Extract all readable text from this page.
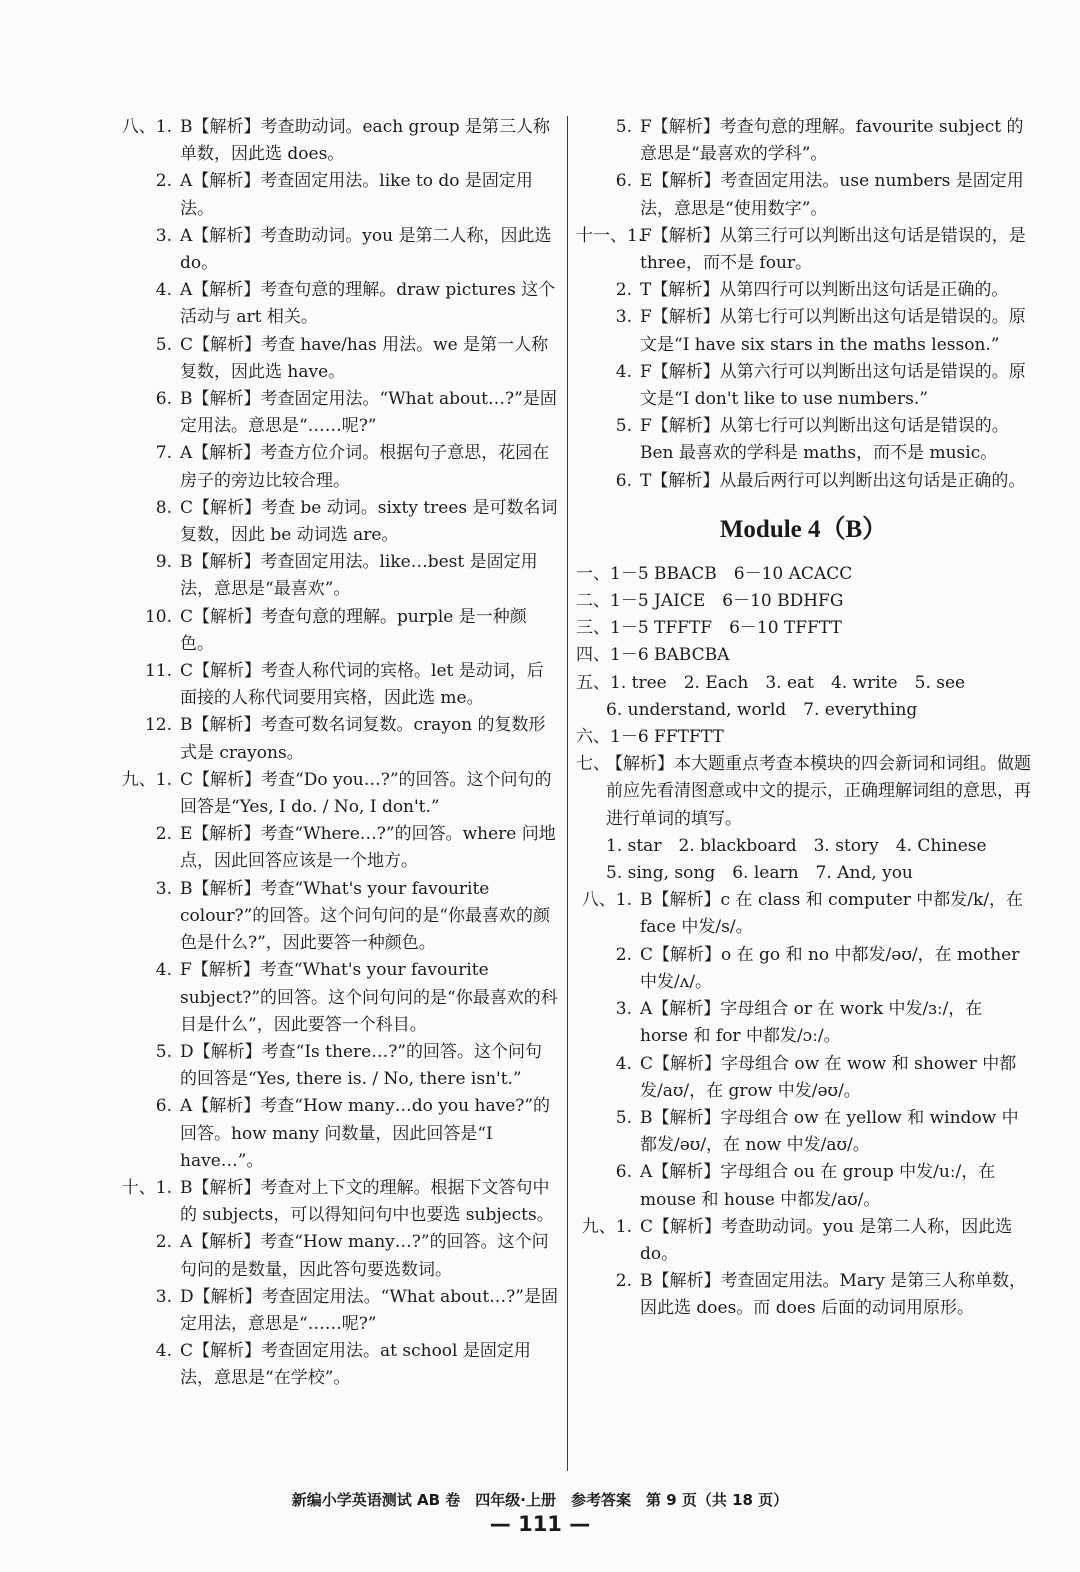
八、1. B【解析】考查助动词。each group 是第三人称单数，因此选 does。
2. A【解析】考查固定用法。like to do 是固定用法。
3. A【解析】考查助动词。you 是第二人称，因此选 do。
4. A【解析】考查句意的理解。draw pictures 这个活动与 art 相关。
5. C【解析】考查 have/has 用法。we 是第一人称复数，因此选 have。
6. B【解析】考查固定用法。“What about…?”是固定用法。意思是“……呢?”
7. A【解析】考查方位介词。根据句子意思，花园在房子的旁边比较合理。
8. C【解析】考查 be 动词。sixty trees 是可数名词复数，因此 be 动词选 are。
9. B【解析】考查固定用法。like…best 是固定用法，意思是“最喜欢”。
10. C【解析】考查句意的理解。purple 是一种颜色。
11. C【解析】考查人称代词的宾格。let 是动词，后面接的人称代词要用宾格，因此选 me。
12. B【解析】考查可数名词复数。crayon 的复数形式是 crayons。
九、1. C【解析】考查“Do you…?”的回答。这个问句的回答是“Yes, I do. / No, I don't.”
2. E【解析】考查“Where…?”的回答。where 问地点，因此回答应该是一个地方。
3. B【解析】考查“What's your favourite colour?”的回答。这个问句问的是“你最喜欢的颜色是什么?”，因此要答一种颜色。
4. F【解析】考查“What's your favourite subject?”的回答。这个问句问的是“你最喜欢的科目是什么”，因此要答一个科目。
5. D【解析】考查“Is there…?”的回答。这个问句的回答是“Yes, there is. / No, there isn't.”
6. A【解析】考查“How many…do you have?”的回答。how many 问数量，因此回答是“I have…”。
十、1. B【解析】考查对上下文的理解。根据下文答句中的 subjects，可以得知问句中也要选 subjects。
2. A【解析】考查“How many…?”的回答。这个问句问的是数量，因此答句要选数词。
3. D【解析】考查固定用法。“What about…?”是固定用法，意思是“……呢?”
4. C【解析】考查固定用法。at school 是固定用法，意思是“在学校”。
5. F【解析】考查句意的理解。favourite subject 的意思是“最喜欢的学科”。
6. E【解析】考查固定用法。use numbers 是固定用法，意思是“使用数字”。
十一、1.
F【解析】从第三行可以判断出这句话是错误的，是 three，而不是 four。
2. T【解析】从第四行可以判断出这句话是正确的。
3. F【解析】从第七行可以判断出这句话是错误的。原文是“I have six stars in the maths lesson.”
4. F【解析】从第六行可以判断出这句话是错误的。原文是“I don't like to use numbers.”
5. F【解析】从第七行可以判断出这句话是错误的。Ben 最喜欢的学科是 maths，而不是 music。
6. T【解析】从最后两行可以判断出这句话是正确的。
Module 4（B）
一、1－5 BBACB　6－10 ACACC
二、1－5 JAICE　6－10 BDHFG
三、1－5 TFFTF　6－10 TFFTT
四、1－6 BABCBA
五、1. tree　2. Each　3. eat　4. write　5. see
6. understand, world　7. everything
六、1－6 FFTFTT
七、
【解析】本大题重点考查本模块的四会新词和词组。做题前应先看清图意或中文的提示，正确理解词组的意思，再进行单词的填写。
1. star　2. blackboard　3. story　4. Chinese
5. sing, song　6. learn　7. And, you
八、1. B【解析】c 在 class 和 computer 中都发/k/，在 face 中发/s/。
2. C【解析】o 在 go 和 no 中都发/əʊ/，在 mother 中发/ʌ/。
3. A【解析】字母组合 or 在 work 中发/ɜː/，在 horse 和 for 中都发/ɔː/。
4. C【解析】字母组合 ow 在 wow 和 shower 中都发/aʊ/，在 grow 中发/əʊ/。
5. B【解析】字母组合 ow 在 yellow 和 window 中都发/əʊ/，在 now 中发/aʊ/。
6. A【解析】字母组合 ou 在 group 中发/uː/，在 mouse 和 house 中都发/aʊ/。
九、1. C【解析】考查助动词。you 是第二人称，因此选 do。
2. B【解析】考查固定用法。Mary 是第三人称单数，因此选 does。而 does 后面的动词用原形。
新编小学英语测试 AB 卷　四年级·上册　参考答案　第 9 页（共 18 页）
— 111 —
